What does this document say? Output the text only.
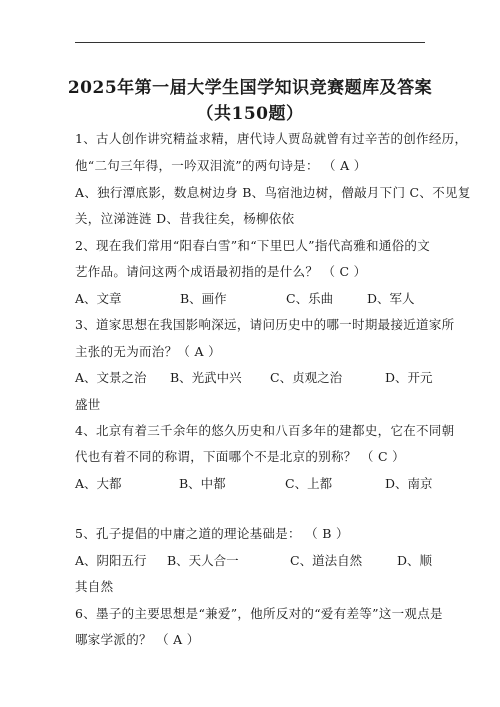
2025年第一届大学生国学知识竞赛题库及答案
（共150题）
1、古人创作讲究精益求精，唐代诗人贾岛就曾有过辛苦的创作经历，
他“二句三年得，一吟双泪流”的两句诗是： （ A ）
A、独行潭底影，数息树边身 B、鸟宿池边树，僧敲月下门 C、不见复
关，泣涕涟涟 D、昔我往矣，杨柳依依
2、现在我们常用“阳春白雪”和“下里巴人”指代高雅和通俗的文
艺作品。请问这两个成语最初指的是什么？ （ C ）
A、文章	B、画作	C、乐曲	D、军人
3、道家思想在我国影响深远，请问历史中的哪一时期最接近道家所
主张的无为而治？（ A ）
A、文景之治 B、光武中兴 C、贞观之治	D、开元
盛世
4、北京有着三千余年的悠久历史和八百多年的建都史，它在不同朝
代也有着不同的称谓，下面哪个不是北京的别称？ （ C ）
A、大都	B、中都	C、上都	D、南京
5、孔子提倡的中庸之道的理论基础是： （ B ）
A、阴阳五行 B、天人合一	C、道法自然	D、顺
其自然
6、墨子的主要思想是“兼爱”，他所反对的“爱有差等”这一观点是
哪家学派的？ （ A ）
